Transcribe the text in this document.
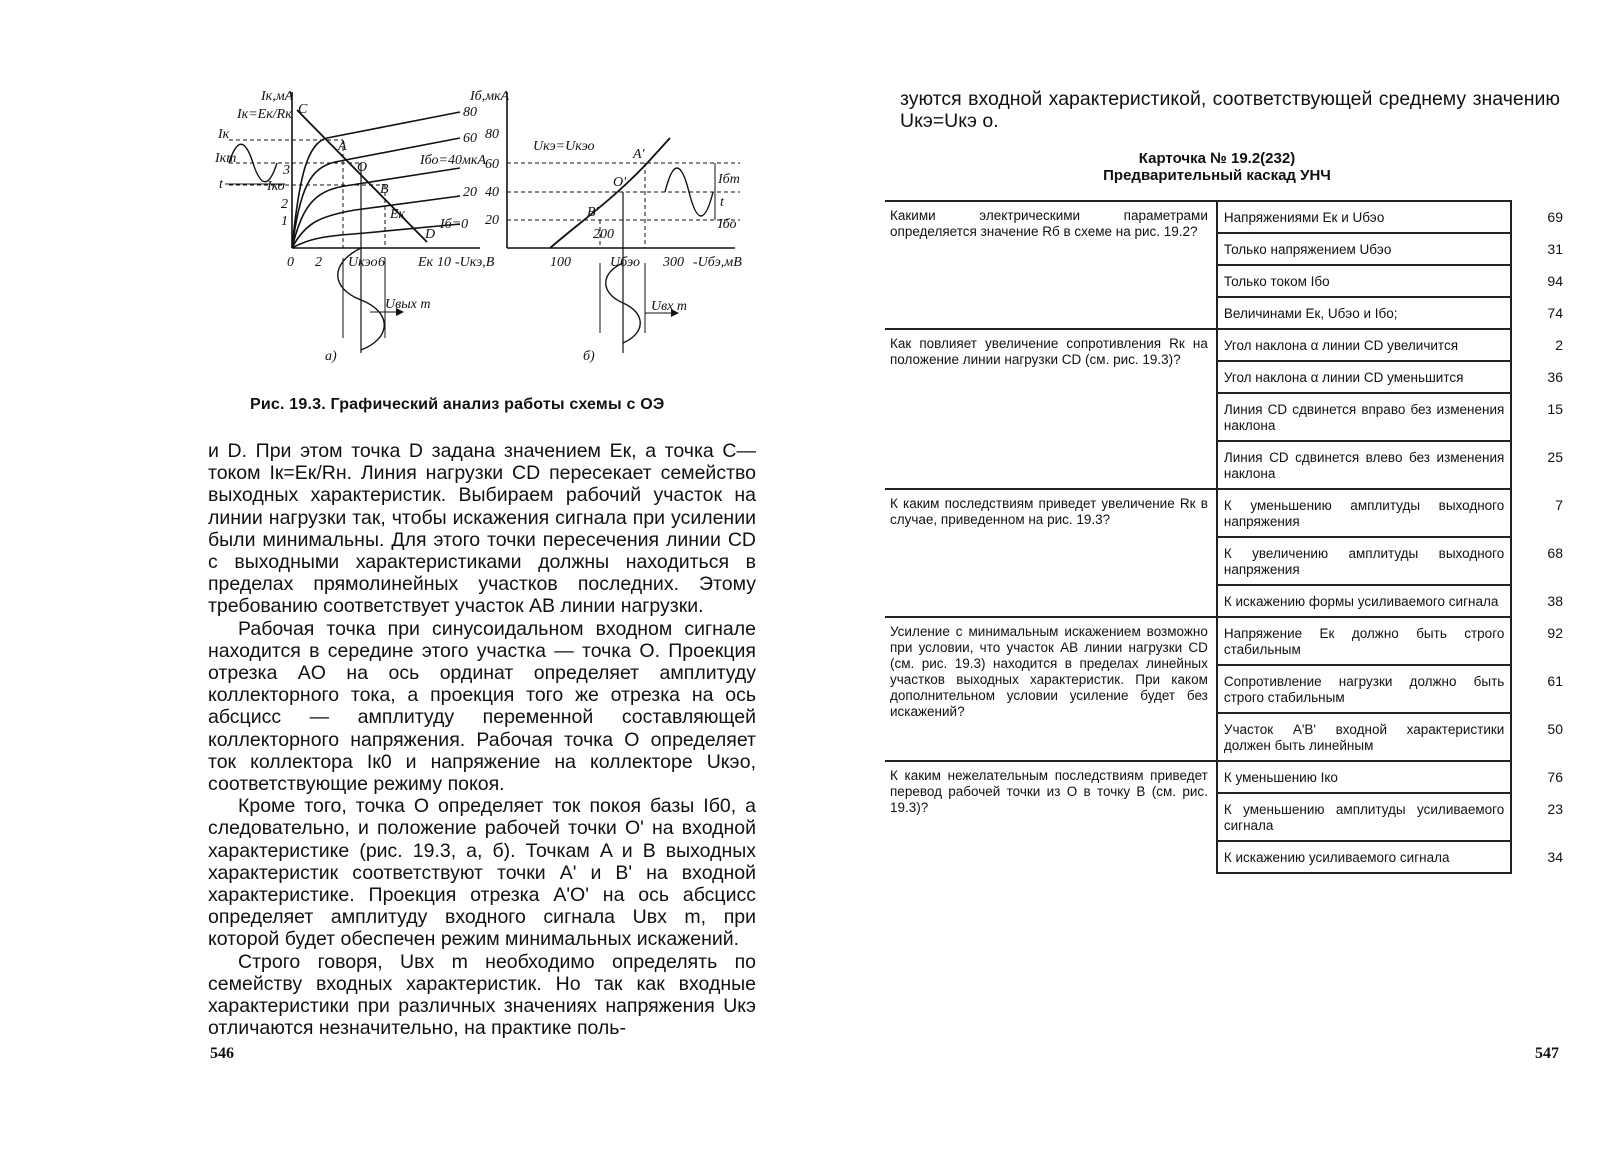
Iк,мА
Iк=Eк/Rк C
Iк
Iкm
t	Iко
3
1
2
A
O
B
D
Eк
80
60
Iбо=40мкА
20
Iб=0
0 2 Uкэо 6 Eк 10 -Uкэ,В
Uвых m
а)
Iб,мкА
80
60
40
20
Uкэ=Uкэо
A'
O'
B'
Iбm
t
Iбо
100
200
Uбэо 300 -Uбэ,мВ
Uвх m
б)
Рис. 19.3. Графический анализ работы схемы с ОЭ

и D. При этом точка D задана значением Eк, а точка C—током Iк=Eк/Rн. Линия нагрузки CD пересекает семейство выходных характеристик. Выбираем рабочий участок на линии нагрузки так, чтобы искажения сигнала при усилении были минимальны. Для этого точки пересечения линии CD с выходными характеристиками должны находиться в пределах прямолинейных участков последних. Этому требованию соответствует участок AB линии нагрузки.

Рабочая точка при синусоидальном входном сигнале находится в середине этого участка — точка O. Проекция отрезка AO на ось ординат определяет амплитуду коллекторного тока, а проекция того же отрезка на ось абсцисс — амплитуду переменной составляющей коллекторного напряжения. Рабочая точка O определяет ток коллектора Iк0 и напряжение на коллекторе Uкэо, соответствующие режиму покоя.

Кроме того, точка O определяет ток покоя базы Iб0, а следовательно, и положение рабочей точки O' на входной характеристике (рис. 19.3, а, б). Точкам A и B выходных характеристик соответствуют точки A' и B' на входной характеристике. Проекция отрезка A'O' на ось абсцисс определяет амплитуду входного сигнала Uвх m, при которой будет обеспечен режим минимальных искажений.

Строго говоря, Uвх m необходимо определять по семейству входных характеристик. Но так как входные характеристики при различных значениях напряжения Uкэ отличаются незначительно, на практике поль-

546

зуются входной характеристикой, соответствующей среднему значению Uкэ=Uкэ о.

Карточка № 19.2(232)
Предварительный каскад УНЧ
Какими электрическими параметрами определяется значение Rб в схеме на рис. 19.2?	Напряжениями Eк и Uбэо	69
	Только напряжением Uбэо	31
	Только током Iбо	94
	Величинами Eк, Uбэо и Iбо;	74
Как повлияет увеличение сопротивления Rк на положение линии нагрузки CD (см. рис. 19.3)?	Угол наклона α линии CD увеличится	2
	Угол наклона α линии CD уменьшится	36
	Линия CD сдвинется вправо без изменения наклона	15
	Линия CD сдвинется влево без изменения наклона	25
К каким последствиям приведет увеличение Rк в случае, приведенном на рис. 19.3?	К уменьшению амплитуды выходного напряжения	7
	К увеличению амплитуды выходного напряжения	68
	К искажению формы усиливаемого сигнала	38
Усиление с минимальным искажением возможно при условии, что участок AB линии нагрузки CD (см. рис. 19.3) находится в пределах линейных участков выходных характеристик. При каком дополнительном условии усиление будет без искажений?	Напряжение Eк должно быть строго стабильным	92
	Сопротивление нагрузки должно быть строго стабильным	61
	Участок A'B' входной характеристики должен быть линейным	50
К каким нежелательным последствиям приведет перевод рабочей точки из O в точку B (см. рис. 19.3)?	К уменьшению Iко	76
	К уменьшению амплитуды усиливаемого сигнала	23
	К искажению усиливаемого сигнала	34
547
